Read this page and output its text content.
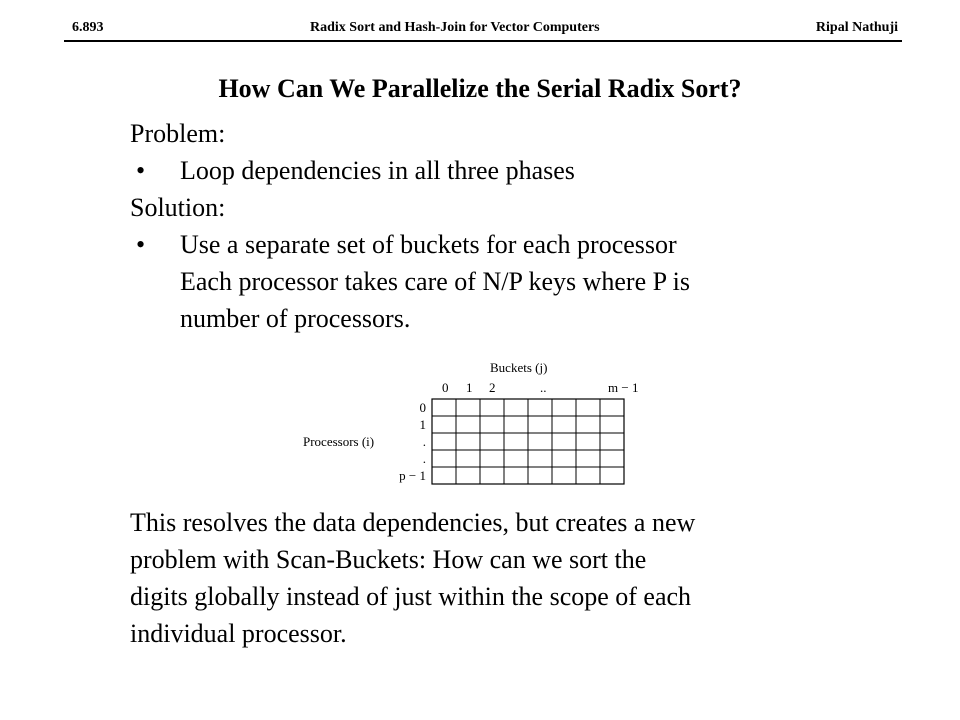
6.893	Radix Sort and Hash-Join for Vector Computers	Ripal Nathuji
How Can We Parallelize the Serial Radix Sort?
Problem:
• Loop dependencies in all three phases
Solution:
• Use a separate set of buckets for each processor
Each processor takes care of N/P keys where P is
number of processors.
Buckets (j)
Processors (i)
0 1 2	..	m − 1
0
1
.
.
p − 1
This resolves the data dependencies, but creates a new
problem with Scan-Buckets: How can we sort the
digits globally instead of just within the scope of each
individual processor.
